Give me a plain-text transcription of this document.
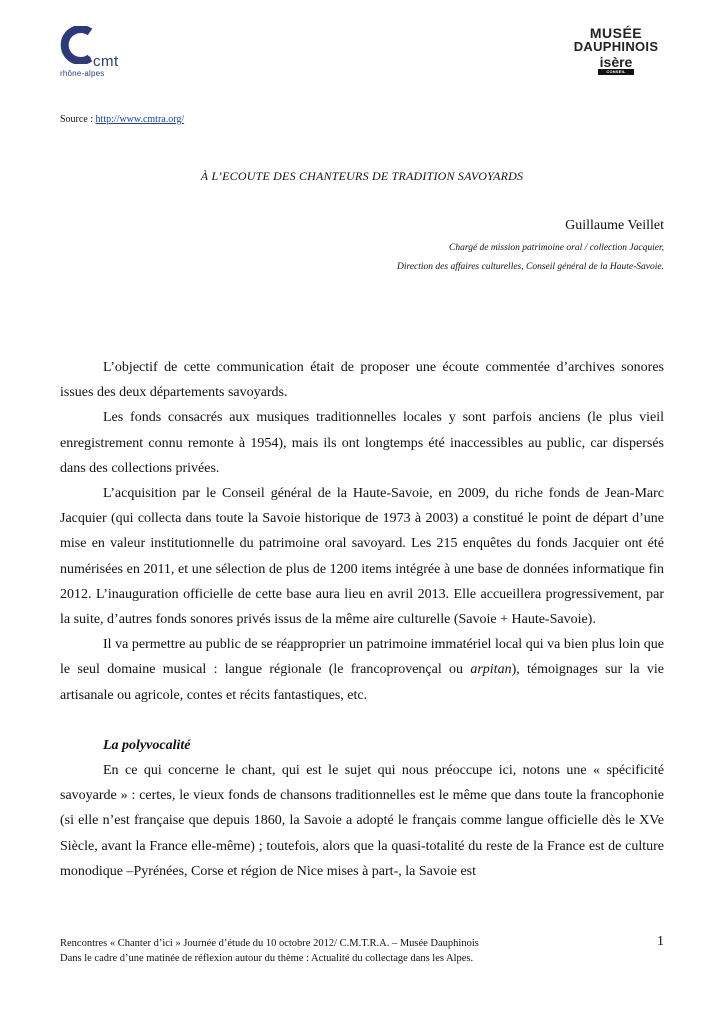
cmt
rhône-alpes
MUSÉE
DAUPHINOIS
isère
CONSEIL GÉNÉRAL
Source : http://www.cmtra.org/
À L’ECOUTE DES CHANTEURS DE TRADITION SAVOYARDS
Guillaume Veillet
Chargé de mission patrimoine oral / collection Jacquier,
Direction des affaires culturelles, Conseil général de la Haute-Savoie.

L’objectif de cette communication était de proposer une écoute commentée d’archives sonores issues des deux départements savoyards.

Les fonds consacrés aux musiques traditionnelles locales y sont parfois anciens (le plus vieil enregistrement connu remonte à 1954), mais ils ont longtemps été inaccessibles au public, car dispersés dans des collections privées.

L’acquisition par le Conseil général de la Haute-Savoie, en 2009, du riche fonds de Jean-Marc Jacquier (qui collecta dans toute la Savoie historique de 1973 à 2003) a constitué le point de départ d’une mise en valeur institutionnelle du patrimoine oral savoyard. Les 215 enquêtes du fonds Jacquier ont été numérisées en 2011, et une sélection de plus de 1200 items intégrée à une base de données informatique fin 2012. L’inauguration officielle de cette base aura lieu en avril 2013. Elle accueillera progressivement, par la suite, d’autres fonds sonores privés issus de la même aire culturelle (Savoie + Haute-Savoie).

Il va permettre au public de se réapproprier un patrimoine immatériel local qui va bien plus loin que le seul domaine musical : langue régionale (le francoprovençal ou arpitan), témoignages sur la vie artisanale ou agricole, contes et récits fantastiques, etc.

La polyvocalité

En ce qui concerne le chant, qui est le sujet qui nous préoccupe ici, notons une « spécificité savoyarde » : certes, le vieux fonds de chansons traditionnelles est le même que dans toute la francophonie (si elle n’est française que depuis 1860, la Savoie a adopté le français comme langue officielle dès le XVe Siècle, avant la France elle-même) ; toutefois, alors que la quasi-totalité du reste de la France est de culture monodique –Pyrénées, Corse et région de Nice mises à part-, la Savoie est

Rencontres « Chanter d’ici » Journée d’étude du 10 octobre 2012/ C.M.T.R.A. – Musée Dauphinois
Dans le cadre d’une matinée de réflexion autour du thème : Actualité du collectage dans les Alpes.
1
